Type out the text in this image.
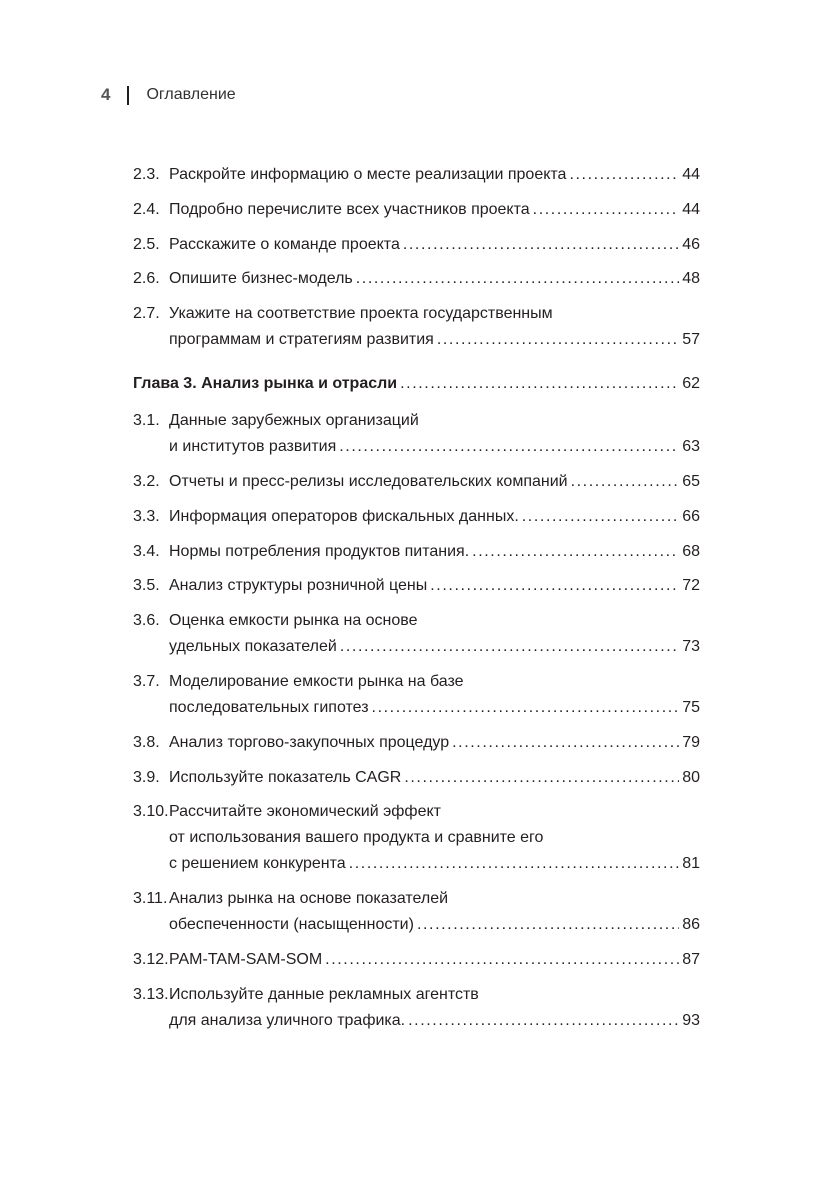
4 Оглавление
2.3. Раскройте информацию о месте реализации проекта .....	44
2.4. Подробно перечислите всех участников проекта .....	44
2.5. Расскажите о команде проекта .....	46
2.6. Опишите бизнес-модель .....	48
2.7. Укажите на соответствие проекта государственным
программам и стратегиям развития .....	57
Глава 3. Анализ рынка и отрасли .....	62
3.1. Данные зарубежных организаций
и институтов развития .....	63
3.2. Отчеты и пресс-релизы исследовательских компаний .....	65
3.3. Информация операторов фискальных данных. .....	66
3.4. Нормы потребления продуктов питания. .....	68
3.5. Анализ структуры розничной цены .....	72
3.6. Оценка емкости рынка на основе
удельных показателей .....	73
3.7. Моделирование емкости рынка на базе
последовательных гипотез .....	75
3.8. Анализ торгово-закупочных процедур .....	79
3.9. Используйте показатель CAGR .....	80
3.10. Рассчитайте экономический эффект
от использования вашего продукта и сравните его
с решением конкурента .....	81
3.11. Анализ рынка на основе показателей
обеспеченности (насыщенности) .....	86
3.12. PAM-TAM-SAM-SOM .....	87
3.13. Используйте данные рекламных агентств
для анализа уличного трафика. .....	93
